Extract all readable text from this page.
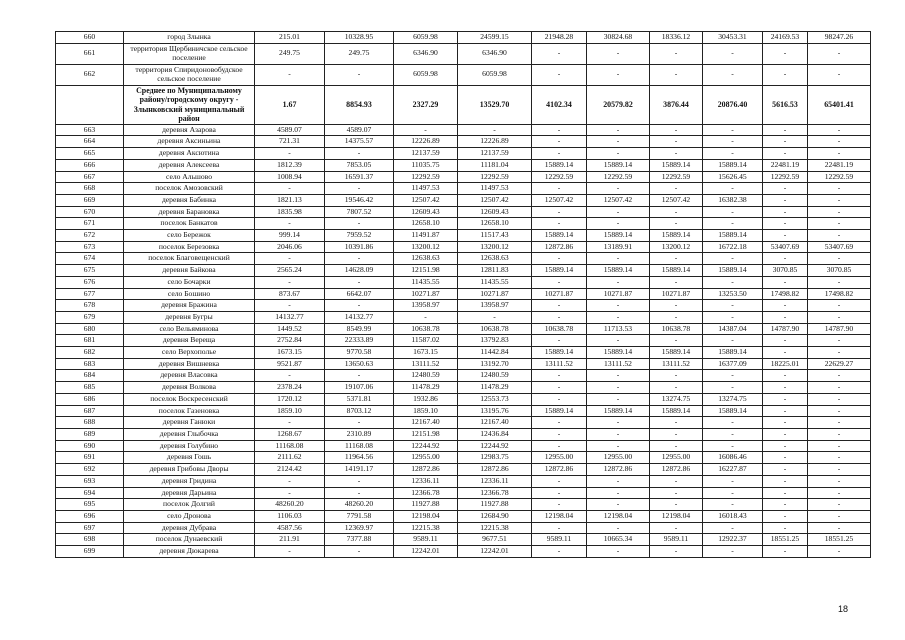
660	город Злынка	215.01	10328.95	6059.98	24599.15	21948.28	30824.68	18336.12	30453.31	24169.53	98247.26
661	территория Щербиничское сельское поселение	249.75	249.75	6346.90	6346.90	-	-	-	-	-	-
662	территория Спиридоновобудское сельское поселение	-	-	6059.98	6059.98	-	-	-	-	-	-
	Среднее по Муниципальному району/городскому округу - Злынковский муниципальный район	1.67	8854.93	2327.29	13529.70	4102.34	20579.82	3876.44	20876.40	5616.53	65401.41
663	деревня Азарова	4589.07	4589.07	-	-	-	-	-	-	-	-
664	деревня Аксиньина	721.31	14375.57	12226.89	12226.89	-	-	-	-	-	-
665	деревня Аксютина	-	-	12137.59	12137.59	-	-	-	-	-	-
666	деревня Алексеева	1812.39	7853.05	11035.75	11181.04	15889.14	15889.14	15889.14	15889.14	22481.19	22481.19
667	село Альшово	1008.94	16591.37	12292.59	12292.59	12292.59	12292.59	12292.59	15626.45	12292.59	12292.59
668	поселок Амозовский	-	-	11497.53	11497.53	-	-	-	-	-	-
669	деревня Бабинка	1821.13	19546.42	12507.42	12507.42	12507.42	12507.42	12507.42	16382.38	-	-
670	деревня Барановка	1835.98	7807.52	12609.43	12609.43	-	-	-	-	-	-
671	поселок Банкатов	-	-	12658.10	12658.10	-	-	-	-	-	-
672	село Бережок	999.14	7959.52	11491.87	11517.43	15889.14	15889.14	15889.14	15889.14	-	-
673	поселок Березовка	2046.06	10391.86	13200.12	13200.12	12872.86	13189.91	13200.12	16722.18	53407.69	53407.69
674	поселок Благовещенский	-	-	12638.63	12638.63	-	-	-	-	-	-
675	деревня Байкова	2565.24	14628.09	12151.98	12811.83	15889.14	15889.14	15889.14	15889.14	3070.85	3070.85
676	село Бочарки	-	-	11435.55	11435.55	-	-	-	-	-	-
677	село Бошино	873.67	6642.07	10271.87	10271.87	10271.87	10271.87	10271.87	13253.50	17498.82	17498.82
678	деревня Бражина	-	-	13958.97	13958.97	-	-	-	-	-	-
679	деревня Бугры	14132.77	14132.77	-	-	-	-	-	-	-	-
680	село Вельяминова	1449.52	8549.99	10638.78	10638.78	10638.78	11713.53	10638.78	14387.04	14787.90	14787.90
681	деревня Вереща	2752.84	22333.89	11587.02	13792.83	-	-	-	-	-	-
682	село Верхополье	1673.15	9770.58	1673.15	11442.84	15889.14	15889.14	15889.14	15889.14	-	-
683	деревня Вишневка	9521.87	13650.63	13111.52	13192.70	13111.52	13111.52	13111.52	16377.09	18225.01	22629.27
684	деревня Власовка	-	-	12480.59	12480.59	-	-	-	-	-	-
685	деревня Волкова	2378.24	19107.06	11478.29	11478.29	-	-	-	-	-	-
686	поселок Воскресенский	1720.12	5371.81	1932.86	12553.73	-	-	13274.75	13274.75	-	-
687	поселок Газеновка	1859.10	8703.12	1859.10	13195.76	15889.14	15889.14	15889.14	15889.14	-	-
688	деревня Ганюки	-	-	12167.40	12167.40	-	-	-	-	-	-
689	деревня Глыбочка	1268.67	2310.89	12151.98	12436.84	-	-	-	-	-	-
690	деревня Голубино	11168.08	11168.08	12244.92	12244.92	-	-	-	-	-	-
691	деревня Гошь	2111.62	11964.56	12955.00	12983.75	12955.00	12955.00	12955.00	16086.46	-	-
692	деревня Грибовы Дворы	2124.42	14191.17	12872.86	12872.86	12872.86	12872.86	12872.86	16227.87	-	-
693	деревня Гридина	-	-	12336.11	12336.11	-	-	-	-	-	-
694	деревня Дарьина	-	-	12366.78	12366.78	-	-	-	-	-	-
695	поселок Долгий	48260.20	48260.20	11927.88	11927.88	-	-	-	-	-	-
696	село Дронова	1106.03	7791.58	12198.04	12684.90	12198.04	12198.04	12198.04	16018.43	-	-
697	деревня Дубрава	4587.56	12369.97	12215.38	12215.38	-	-	-	-	-	-
698	поселок Дунаевский	211.91	7377.88	9589.11	9677.51	9589.11	10665.34	9589.11	12922.37	18551.25	18551.25
699	деревня Дюкарева	-	-	12242.01	12242.01	-	-	-	-	-	-
18
